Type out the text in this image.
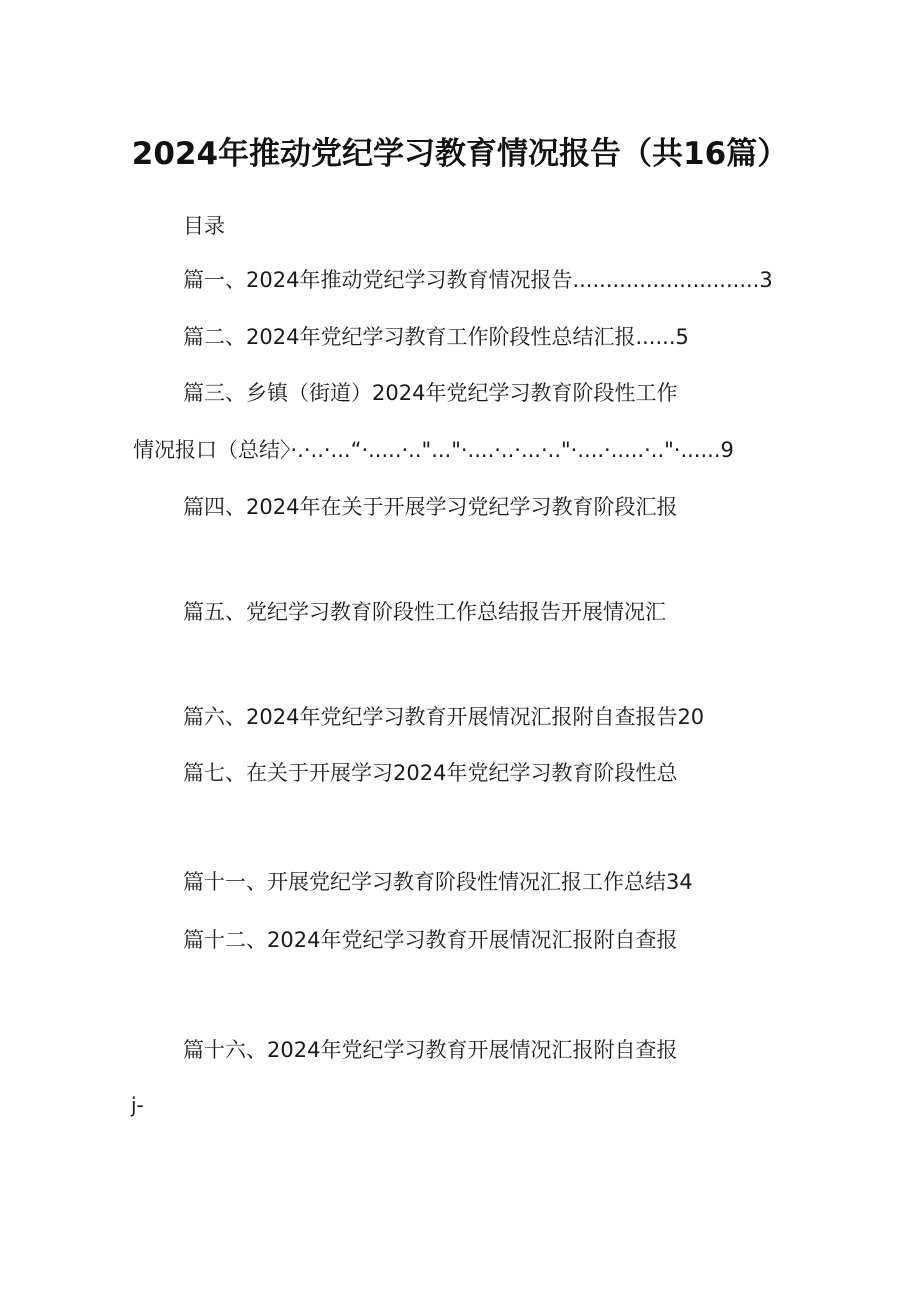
2024年推动党纪学习教育情况报告（共16篇）
目录
篇一、2024年推动党纪学习教育情况报告............................3
篇二、2024年党纪学习教育工作阶段性总结汇报......5
篇三、乡镇（街道）2024年党纪学习教育阶段性工作
情况报口（总结〉·.·..·...“·.....·.."..."·....·..·...·.."·....·.....·.."·......9
篇四、2024年在关于开展学习党纪学习教育阶段汇报
篇五、党纪学习教育阶段性工作总结报告开展情况汇
篇六、2024年党纪学习教育开展情况汇报附自查报告20
篇七、在关于开展学习2024年党纪学习教育阶段性总
篇十一、开展党纪学习教育阶段性情况汇报工作总结34
篇十二、2024年党纪学习教育开展情况汇报附自查报
篇十六、2024年党纪学习教育开展情况汇报附自查报
j-
